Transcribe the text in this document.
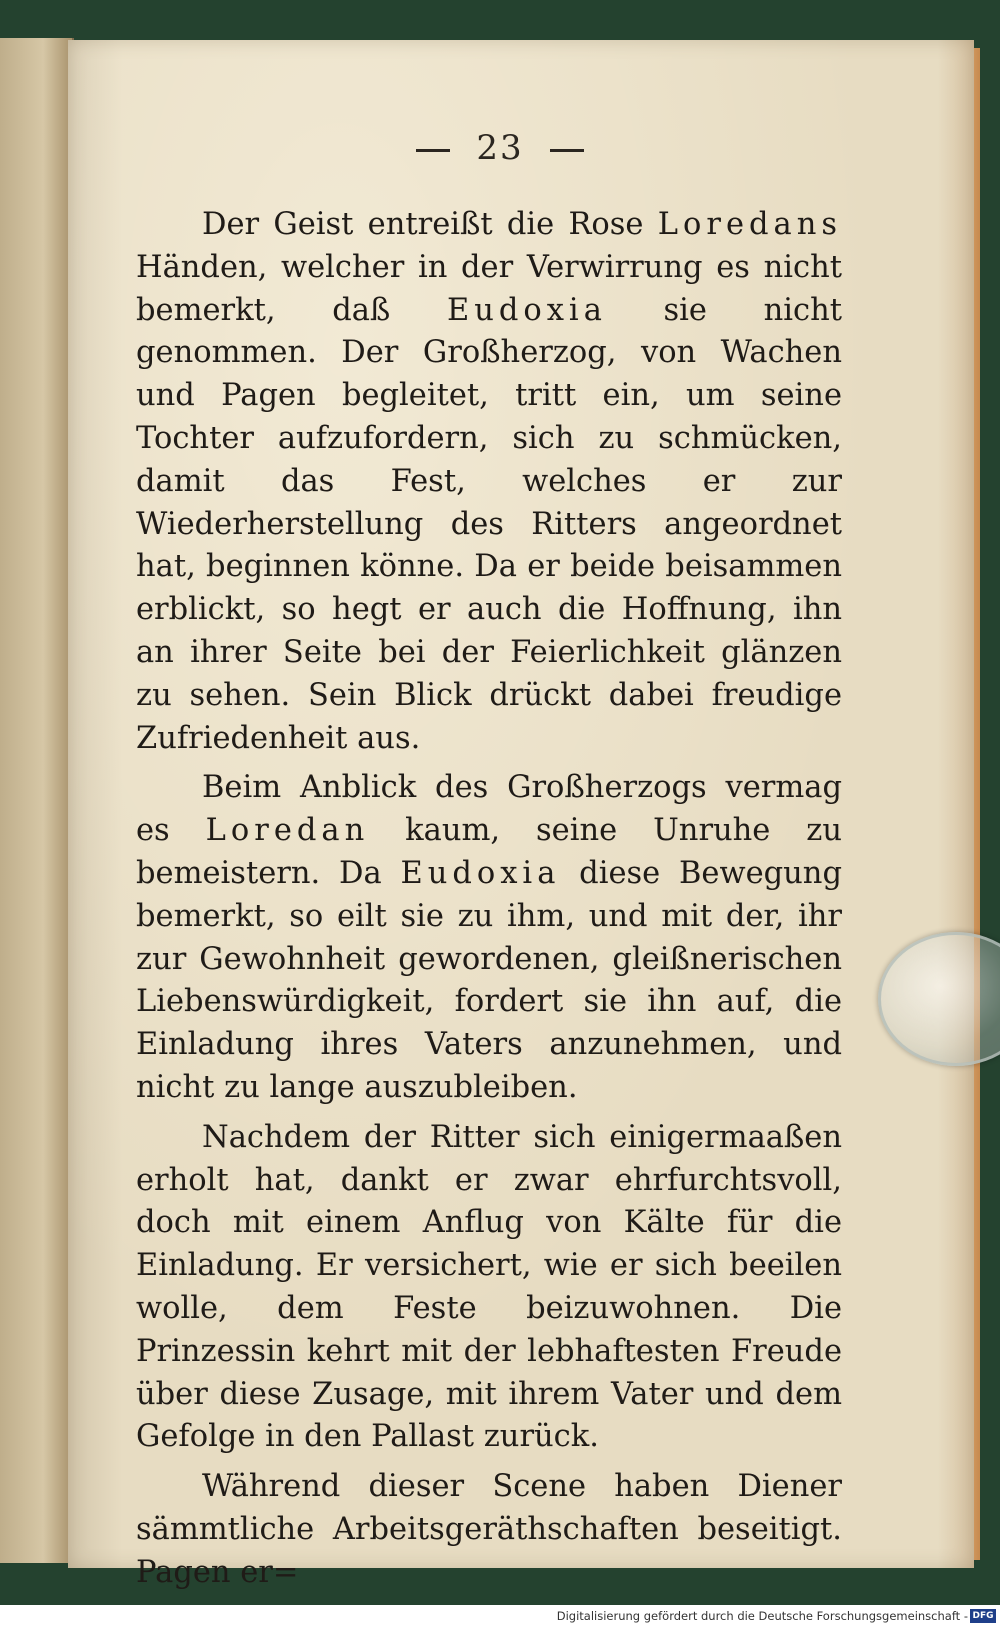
23

Der Geist entreißt die Rose Loredans Händen, welcher in der Verwirrung es nicht bemerkt, daß Eudoxia sie nicht genommen. Der Großherzog, von Wachen und Pagen begleitet, tritt ein, um seine Tochter aufzufordern, sich zu schmücken, damit das Fest, welches er zur Wiederherstellung des Ritters angeordnet hat, beginnen könne. Da er beide beisammen erblickt, so hegt er auch die Hoffnung, ihn an ihrer Seite bei der Feierlichkeit glänzen zu sehen. Sein Blick drückt dabei freudige Zufriedenheit aus.

Beim Anblick des Großherzogs vermag es Loredan kaum, seine Unruhe zu bemeistern. Da Eudoxia diese Bewegung bemerkt, so eilt sie zu ihm, und mit der, ihr zur Gewohnheit gewordenen, gleißnerischen Liebenswürdigkeit, fordert sie ihn auf, die Einladung ihres Vaters anzunehmen, und nicht zu lange auszubleiben.

Nachdem der Ritter sich einigermaaßen erholt hat, dankt er zwar ehrfurchtsvoll, doch mit einem Anflug von Kälte für die Einladung. Er versichert, wie er sich beeilen wolle, dem Feste beizuwohnen. Die Prinzessin kehrt mit der lebhaftesten Freude über diese Zusage, mit ihrem Vater und dem Gefolge in den Pallast zurück.

Während dieser Scene haben Diener sämmtliche Arbeitsgeräthschaften beseitigt. Pagen er=

Digitalisierung gefördert durch die Deutsche Forschungsgemeinschaft - DFG
